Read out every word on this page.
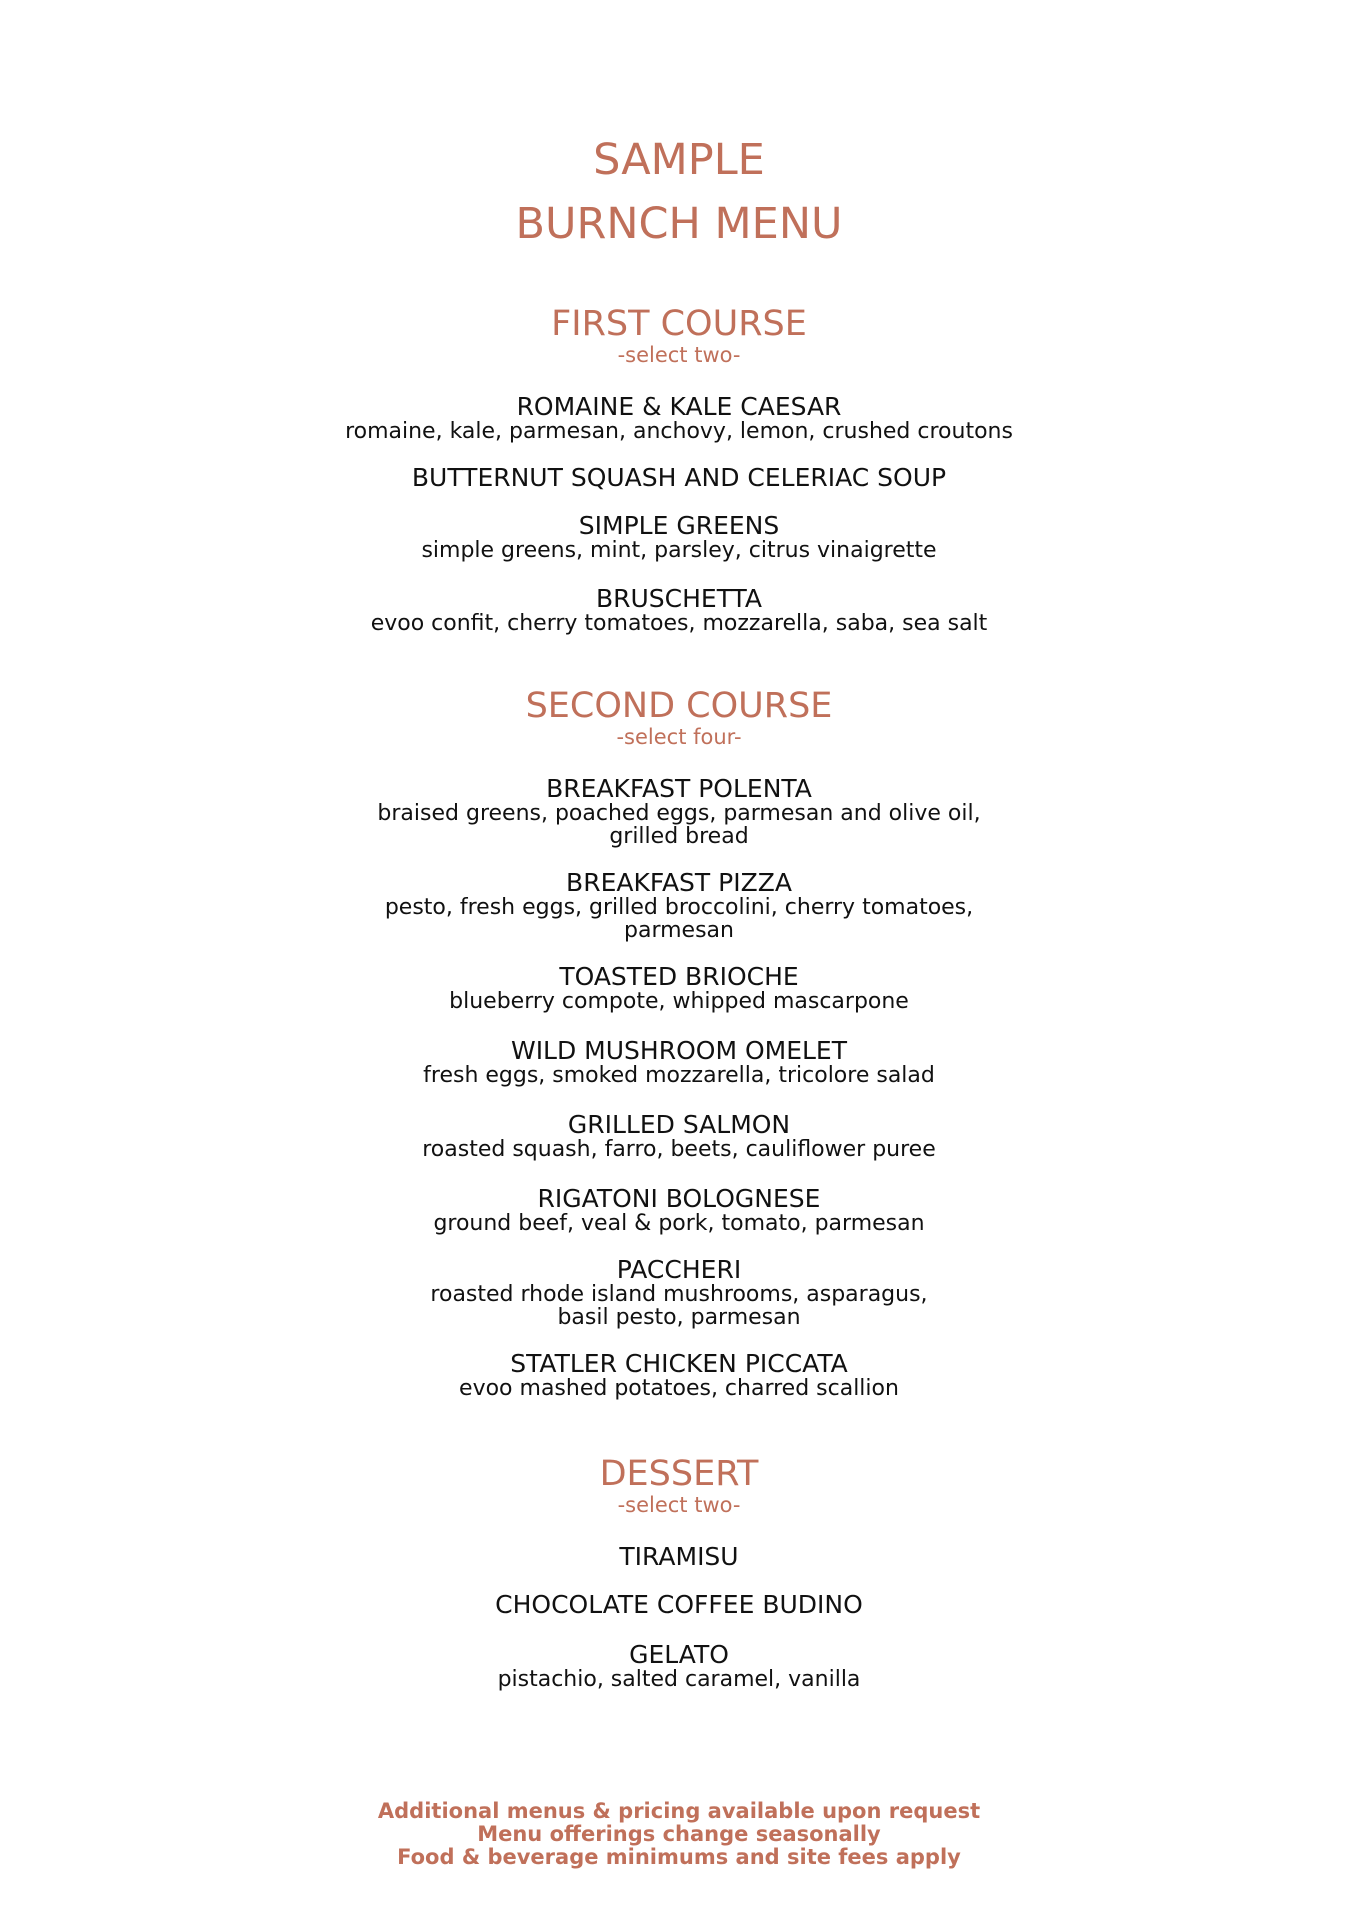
SAMPLE
BURNCH MENU
FIRST COURSE
-select two-
ROMAINE & KALE CAESAR
romaine, kale, parmesan, anchovy, lemon, crushed croutons
BUTTERNUT SQUASH AND CELERIAC SOUP
SIMPLE GREENS
simple greens, mint, parsley, citrus vinaigrette
BRUSCHETTA
evoo confit, cherry tomatoes, mozzarella, saba, sea salt
SECOND COURSE
-select four-
BREAKFAST POLENTA
braised greens, poached eggs, parmesan and olive oil, grilled bread
BREAKFAST PIZZA
pesto, fresh eggs, grilled broccolini, cherry tomatoes, parmesan
TOASTED BRIOCHE
blueberry compote, whipped mascarpone
WILD MUSHROOM OMELET
fresh eggs, smoked mozzarella, tricolore salad
GRILLED SALMON
roasted squash, farro, beets, cauliflower puree
RIGATONI BOLOGNESE
ground beef, veal & pork, tomato, parmesan
PACCHERI
roasted rhode island mushrooms, asparagus, basil pesto, parmesan
STATLER CHICKEN PICCATA
evoo mashed potatoes, charred scallion
DESSERT
-select two-
TIRAMISU
CHOCOLATE COFFEE BUDINO
GELATO
pistachio, salted caramel, vanilla
Additional menus & pricing available upon request
Menu offerings change seasonally
Food & beverage minimums and site fees apply
